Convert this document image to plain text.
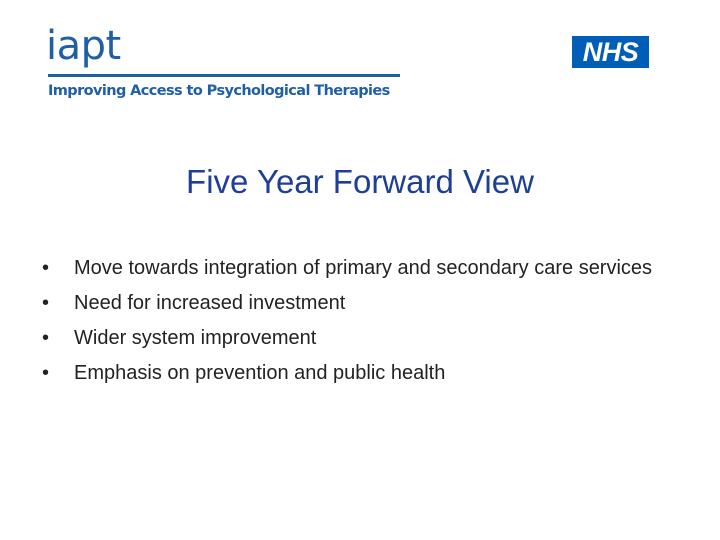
iapt
Improving Access to Psychological Therapies
NHS
Five Year Forward View
• Move towards integration of primary and secondary care services
• Need for increased investment
• Wider system improvement
• Emphasis on prevention and public health
